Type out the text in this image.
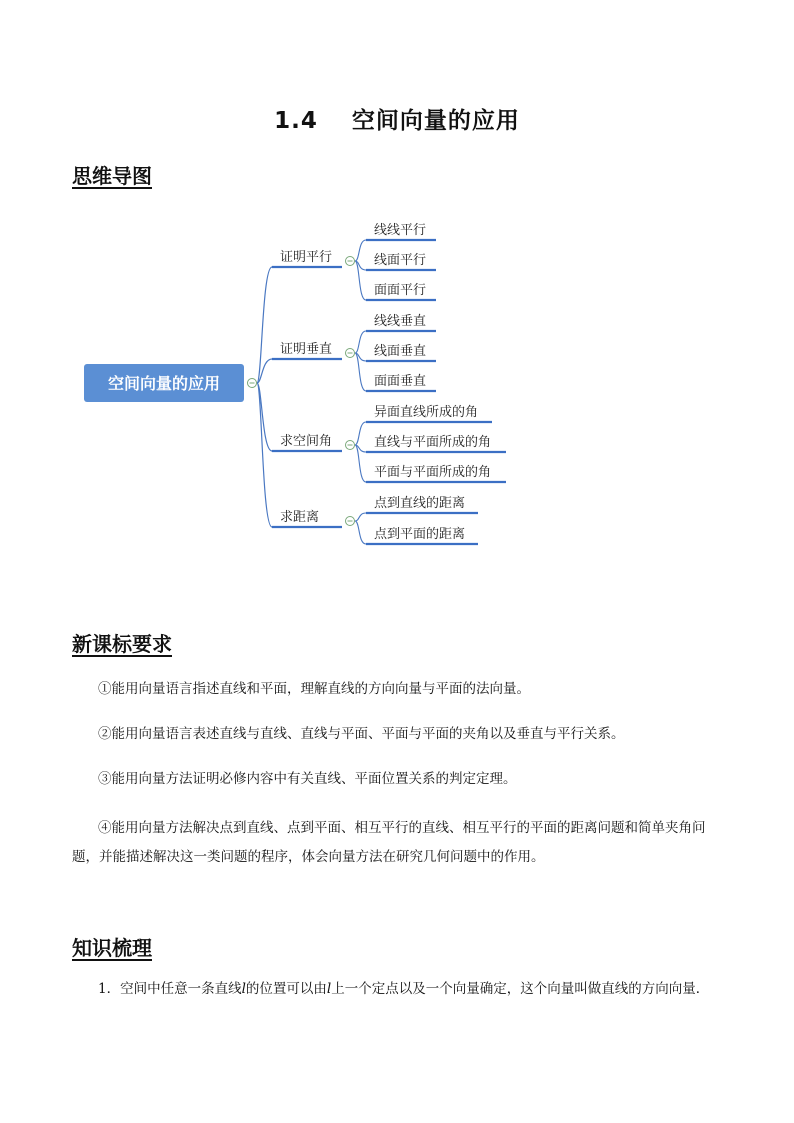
1.4 空间向量的应用
思维导图
空间向量的应用
证明平行
线线平行
线面平行
面面平行
证明垂直
线线垂直
线面垂直
面面垂直
求空间角
异面直线所成的角
直线与平面所成的角
平面与平面所成的角
求距离
点到直线的距离
点到平面的距离
新课标要求
①能用向量语言指述直线和平面，理解直线的方向向量与平面的法向量。
②能用向量语言表述直线与直线、直线与平面、平面与平面的夹角以及垂直与平行关系。
③能用向量方法证明必修内容中有关直线、平面位置关系的判定定理。
④能用向量方法解决点到直线、点到平面、相互平行的直线、相互平行的平面的距离问题和简单夹角问题，并能描述解决这一类问题的程序，体会向量方法在研究几何问题中的作用。
知识梳理
1．空间中任意一条直线l的位置可以由l上一个定点以及一个向量确定，这个向量叫做直线的方向向量．
